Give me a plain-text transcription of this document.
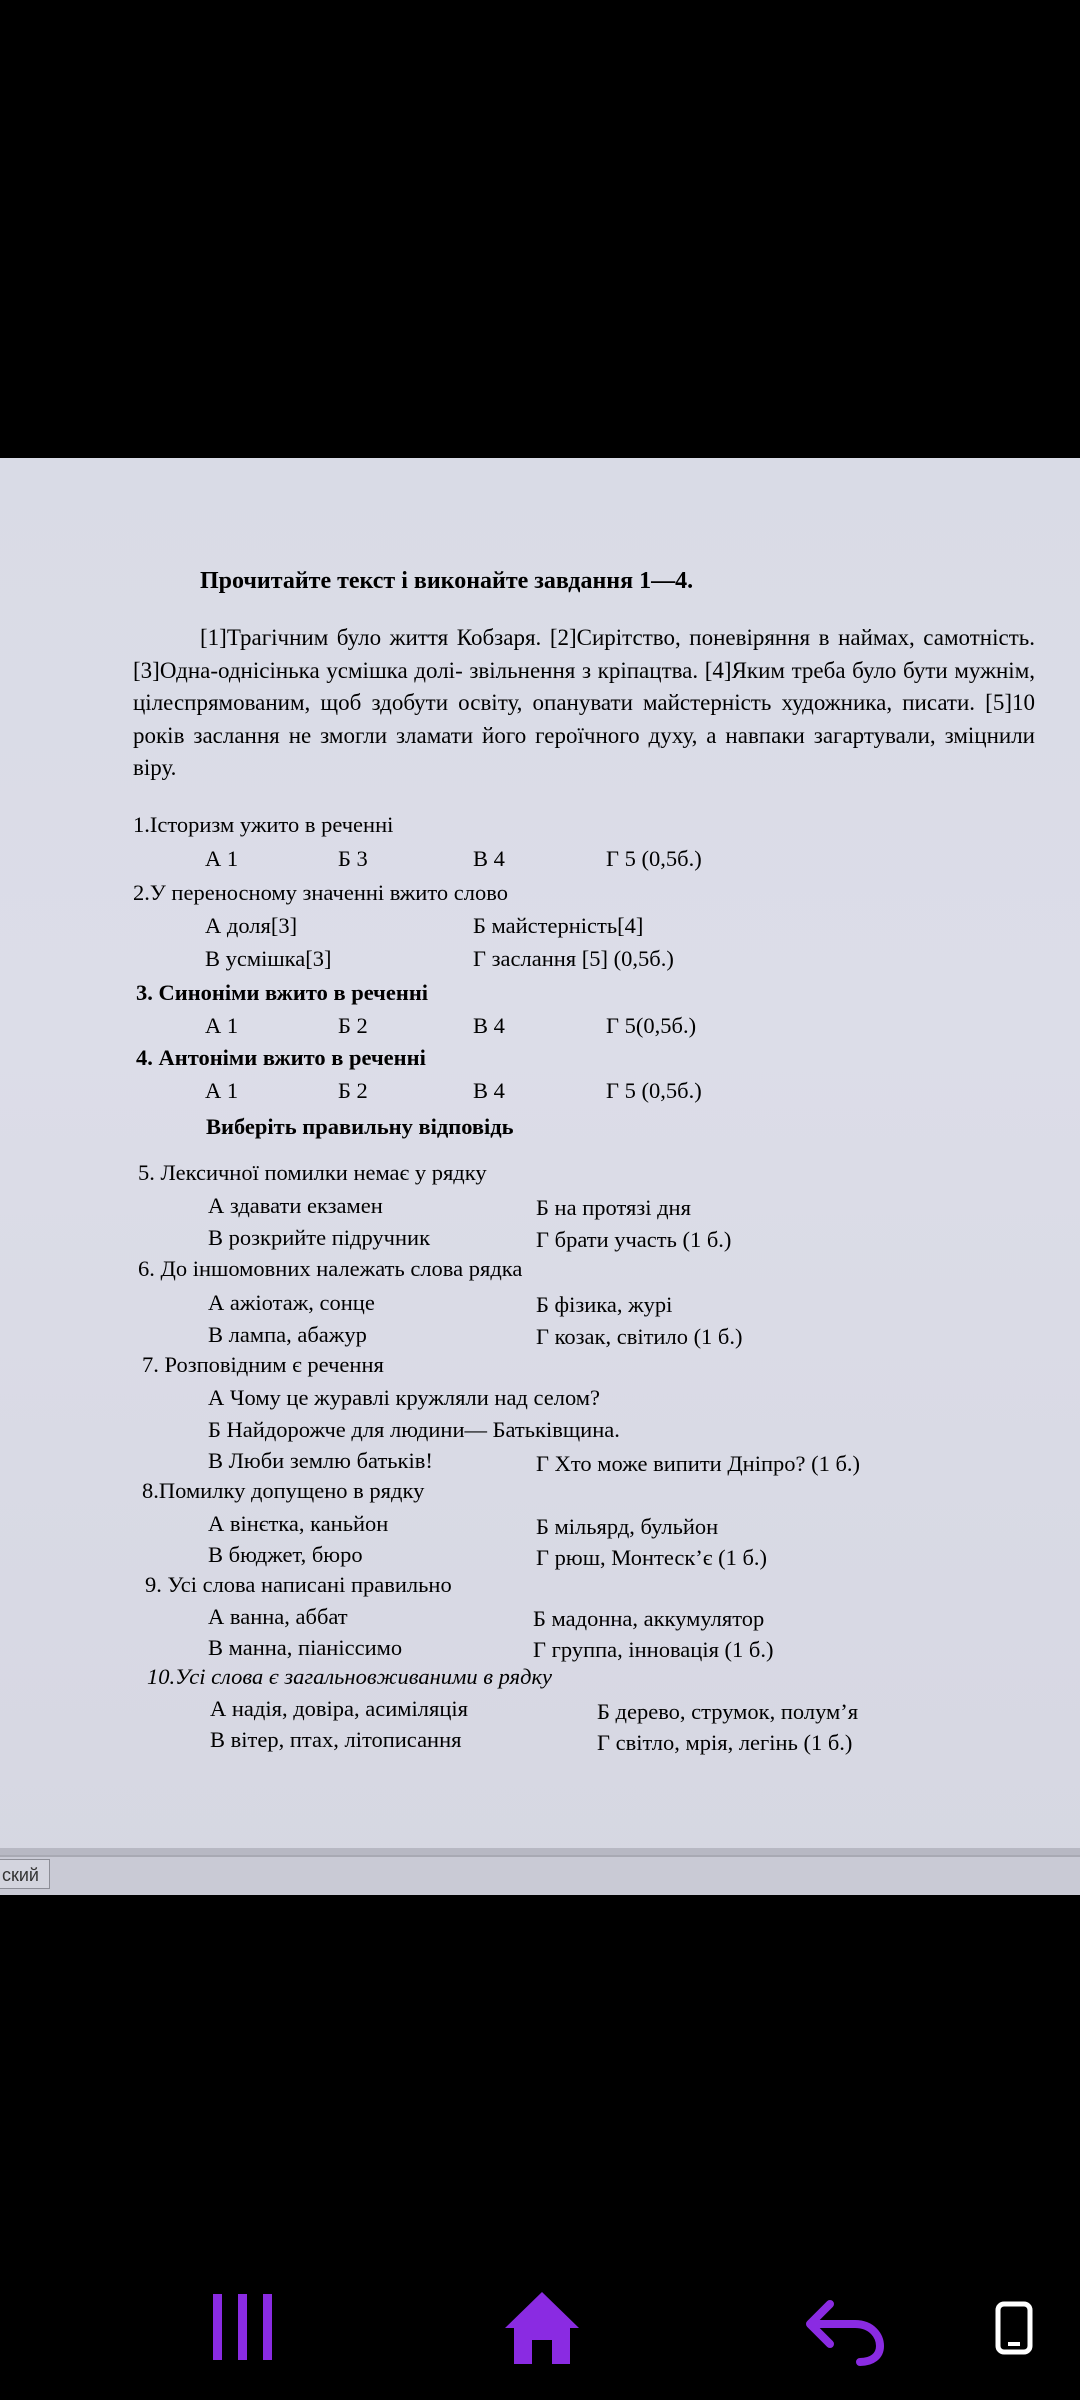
Прочитайте текст і виконайте завдання 1—4.
[1]Трагічним було життя Кобзаря. [2]Сирітство, поневіряння в наймах, самотність. [3]Одна-однісінька усмішка долі- звільнення з кріпацтва. [4]Яким треба було бути мужнім, цілеспрямованим, щоб здобути освіту, опанувати майстерність художника, писати. [5]10 років заслання не змогли зламати його героїчного духу, а навпаки загартували, зміцнили віру.
1.Історизм ужито в реченні
А 1	Б 3	В 4	Г 5 (0,5б.)
2.У переносному значенні вжито слово
А доля[3]	Б майстерність[4]
В усмішка[3]	Г заслання [5] (0,5б.)
3. Синоніми вжито в реченні
А 1	Б 2	В 4	Г 5(0,5б.)
4. Антоніми вжито в реченні
А 1	Б 2	В 4	Г 5 (0,5б.)
Виберіть правильну відповідь
5. Лексичної помилки немає у рядку
А здавати екзамен	Б на протязі дня
В розкрийте підручник	Г брати участь (1 б.)
6. До іншомовних належать слова рядка
А ажіотаж, сонце	Б фізика, журі
В лампа, абажур	Г козак, світило (1 б.)
7. Розповідним є речення
А Чому це журавлі кружляли над селом?
Б Найдорожче для людини— Батьківщина.
В Люби землю батьків!	Г Хто може випити Дніпро? (1 б.)
8.Помилку допущено в рядку
А вінєтка, каньйон	Б мільярд, бульйон
В бюджет, бюро	Г рюш, Монтеск’є (1 б.)
9. Усі слова написані правильно
А ванна, аббат	Б мадонна, аккумулятор
В манна, піаніссимо	Г группа, інновація (1 б.)
10.Усі слова є загальновживаними в рядку
А надія, довіра, асиміляція	Б дерево, струмок, полум’я
В вітер, птах, літописання	Г світло, мрія, легінь (1 б.)
ский
